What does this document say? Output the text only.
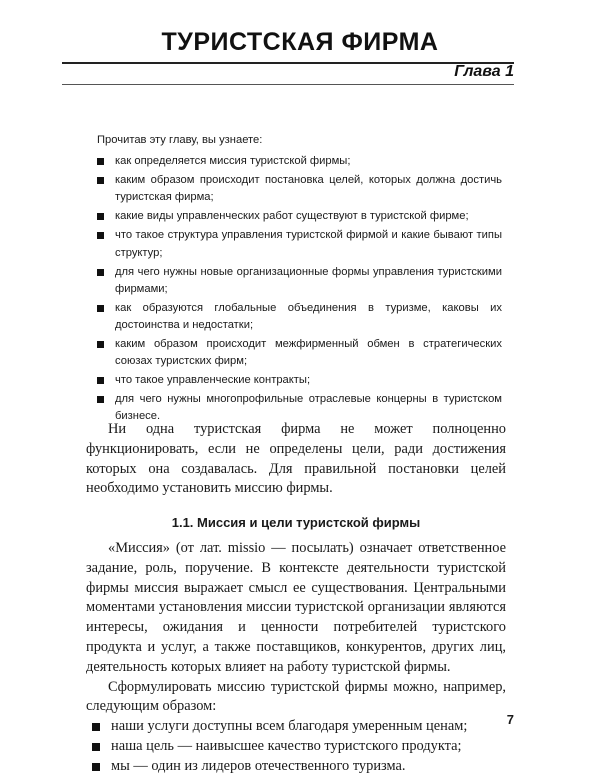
ТУРИСТСКАЯ ФИРМА
Глава 1

Прочитав эту главу, вы узнаете:

как определяется миссия туристской фирмы;
каким образом происходит постановка целей, которых должна достичь туристская фирма;
какие виды управленческих работ существуют в туристской фирме;
что такое структура управления туристской фирмой и какие бывают типы структур;
для чего нужны новые организационные формы управления туристскими фирмами;
как образуются глобальные объединения в туризме, каковы их достоинства и недостатки;
каким образом происходит межфирменный обмен в стратегических союзах туристских фирм;
что такое управленческие контракты;
для чего нужны многопрофильные отраслевые концерны в туристском бизнесе.

Ни одна туристская фирма не может полноценно функционировать, если не определены цели, ради достижения которых она создавалась. Для правильной постановки целей необходимо установить миссию фирмы.

1.1. Миссия и цели туристской фирмы

«Миссия» (от лат. missio — посылать) означает ответственное задание, роль, поручение. В контексте деятельности туристской фирмы миссия выражает смысл ее существования. Центральными моментами установления миссии туристской организации являются интересы, ожидания и ценности потребителей туристского продукта и услуг, а также поставщиков, конкурентов, других лиц, деятельность которых влияет на работу туристской фирмы.

Сформулировать миссию туристской фирмы можно, например, следующим образом:

наши услуги доступны всем благодаря умеренным ценам;
наша цель — наивысшее качество туристского продукта;
мы — один из лидеров отечественного туризма.
7
